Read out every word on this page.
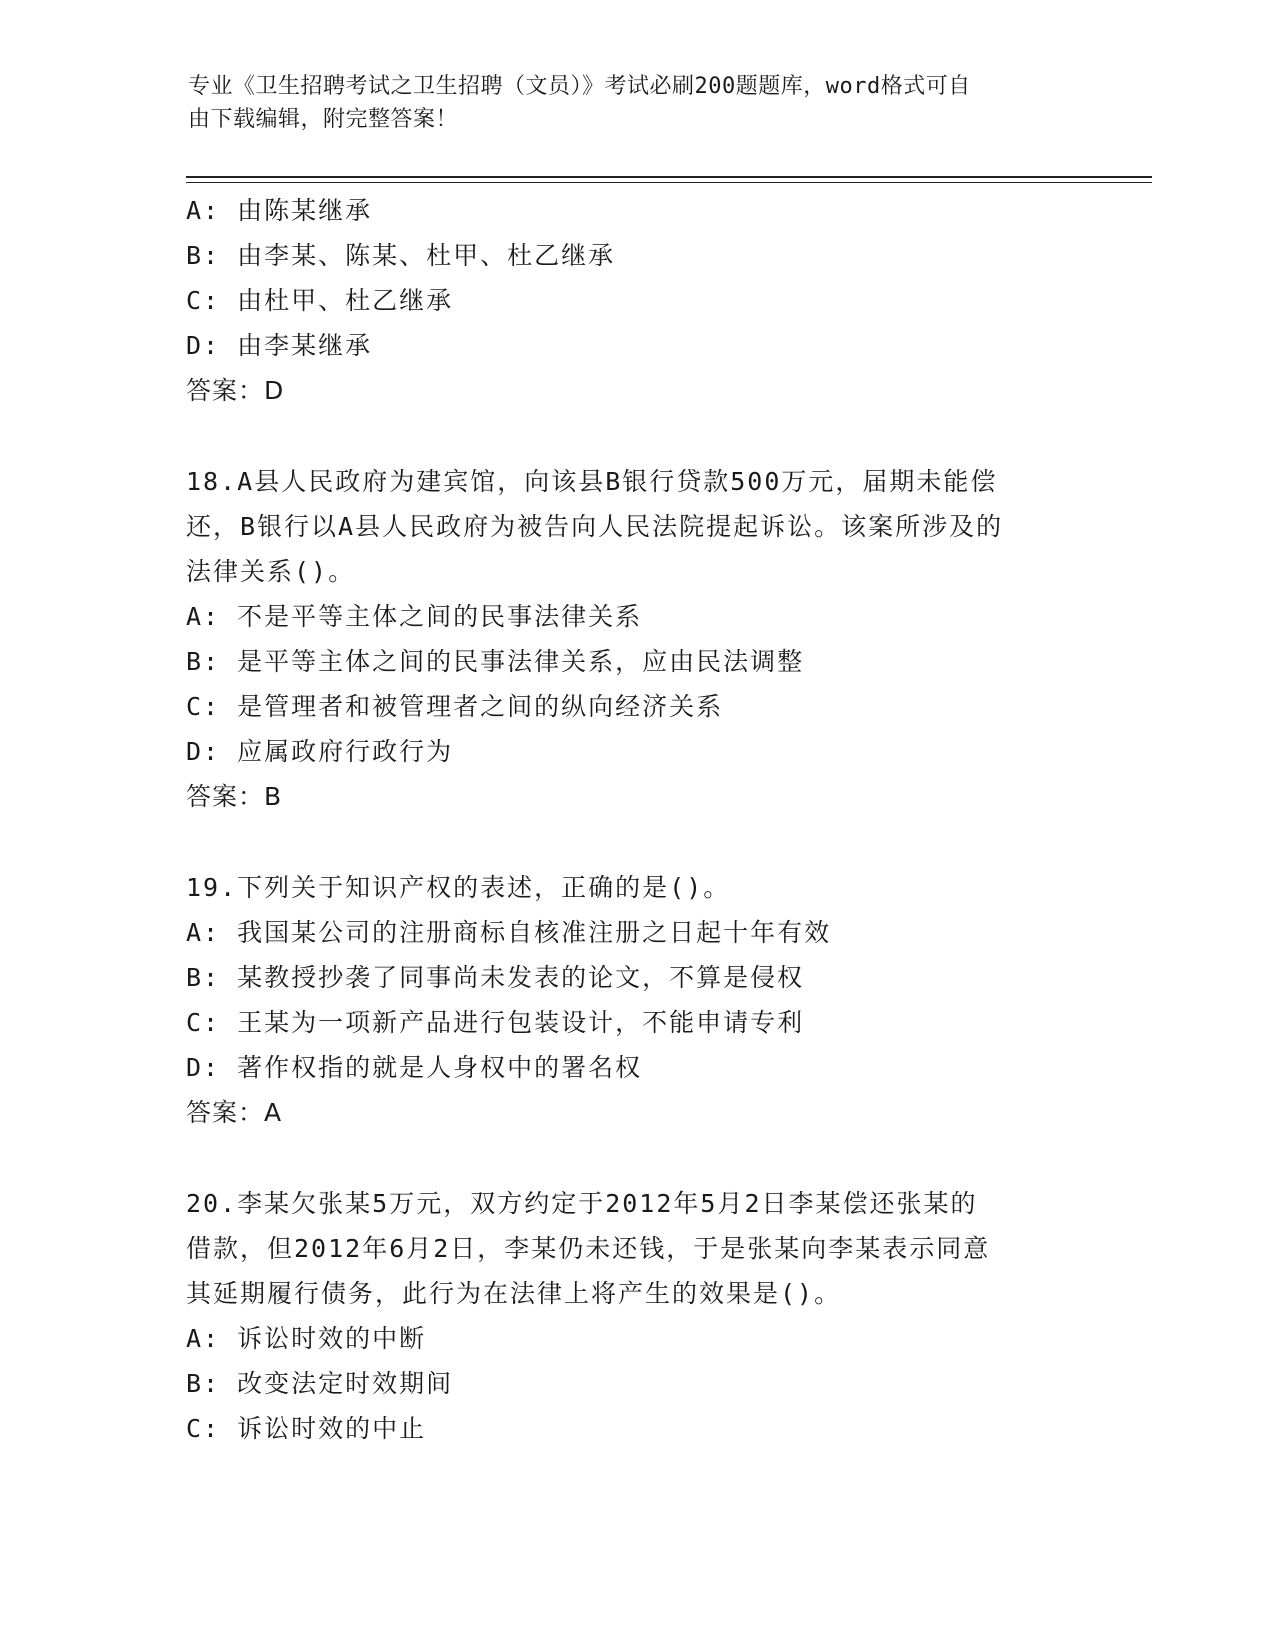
专业《卫生招聘考试之卫生招聘（文员）》考试必刷200题题库，word格式可自
由下载编辑，附完整答案！
A: 由陈某继承
B: 由李某、陈某、杜甲、杜乙继承
C: 由杜甲、杜乙继承
D: 由李某继承
答案：D
18.A县人民政府为建宾馆，向该县B银行贷款500万元，届期未能偿
还，B银行以A县人民政府为被告向人民法院提起诉讼。该案所涉及的
法律关系()。
A: 不是平等主体之间的民事法律关系
B: 是平等主体之间的民事法律关系，应由民法调整
C: 是管理者和被管理者之间的纵向经济关系
D: 应属政府行政行为
答案：B
19.下列关于知识产权的表述，正确的是()。
A: 我国某公司的注册商标自核准注册之日起十年有效
B: 某教授抄袭了同事尚未发表的论文，不算是侵权
C: 王某为一项新产品进行包装设计，不能申请专利
D: 著作权指的就是人身权中的署名权
答案：A
20.李某欠张某5万元，双方约定于2012年5月2日李某偿还张某的
借款，但2012年6月2日，李某仍未还钱，于是张某向李某表示同意
其延期履行债务，此行为在法律上将产生的效果是()。
A: 诉讼时效的中断
B: 改变法定时效期间
C: 诉讼时效的中止
